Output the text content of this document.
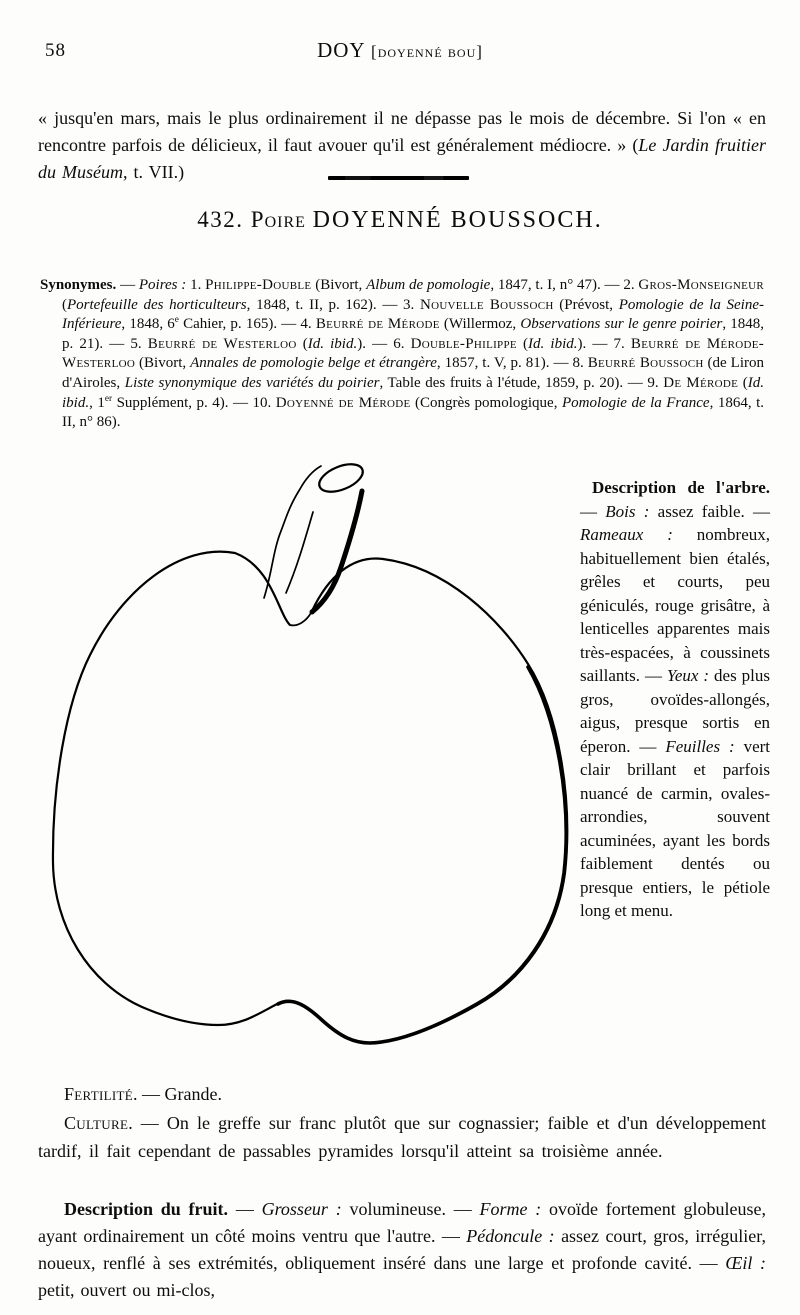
58	DOY [doyenné bou]

« jusqu'en mars, mais le plus ordinairement il ne dépasse pas le mois de décembre. Si l'on « en rencontre parfois de délicieux, il faut avouer qu'il est généralement médiocre. » (Le Jardin fruitier du Muséum, t. VII.)

432. Poire DOYENNÉ BOUSSOCH.

Synonymes. — Poires : 1. Philippe-Double (Bivort, Album de pomologie, 1847, t. I, n° 47). — 2. Gros-Monseigneur (Portefeuille des horticulteurs, 1848, t. II, p. 162). — 3. Nouvelle Boussoch (Prévost, Pomologie de la Seine-Inférieure, 1848, 6e Cahier, p. 165). — 4. Beurré de Mérode (Willermoz, Observations sur le genre poirier, 1848, p. 21). — 5. Beurré de Westerloo (Id. ibid.). — 6. Double-Philippe (Id. ibid.). — 7. Beurré de Mérode-Westerloo (Bivort, Annales de pomologie belge et étrangère, 1857, t. V, p. 81). — 8. Beurré Boussoch (de Liron d'Airoles, Liste synonymique des variétés du poirier, Table des fruits à l'étude, 1859, p. 20). — 9. De Mérode (Id. ibid., 1er Supplément, p. 4). — 10. Doyenné de Mérode (Congrès pomologique, Pomologie de la France, 1864, t. II, n° 86).

Description de l'arbre. — Bois : assez faible. — Rameaux : nombreux, habituellement bien étalés, grêles et courts, peu géniculés, rouge grisâtre, à lenticelles apparentes mais très-espacées, à coussinets saillants. — Yeux : des plus gros, ovoïdes-allongés, aigus, presque sortis en éperon. — Feuilles : vert clair brillant et parfois nuancé de carmin, ovales-arrondies, souvent acuminées, ayant les bords faiblement dentés ou presque entiers, le pétiole long et menu.

Fertilité. — Grande.

Culture. — On le greffe sur franc plutôt que sur cognassier; faible et d'un développement tardif, il fait cependant de passables pyramides lorsqu'il atteint sa troisième année.

Description du fruit. — Grosseur : volumineuse. — Forme : ovoïde fortement globuleuse, ayant ordinairement un côté moins ventru que l'autre. — Pédoncule : assez court, gros, irrégulier, noueux, renflé à ses extrémités, obliquement inséré dans une large et profonde cavité. — Œil : petit, ouvert ou mi-clos,
